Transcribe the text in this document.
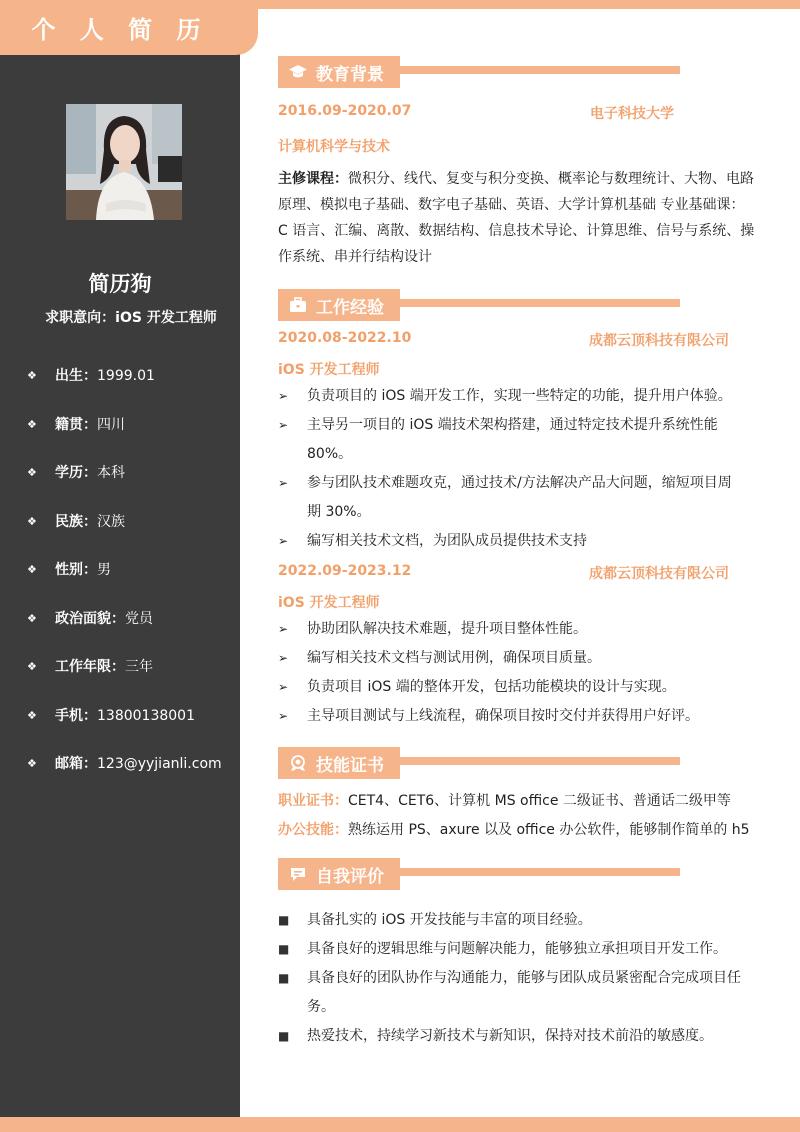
个 人 简 历
简历狗
求职意向：iOS 开发工程师
❖	出生： 1999.01
❖	籍贯： 四川
❖	学历： 本科
❖	民族： 汉族
❖	性别： 男
❖	政治面貌： 党员
❖	工作年限： 三年
❖	手机： 13800138001
❖	邮箱： 123@yyjianli.com
教育背景
2016.09-2020.07	电子科技大学
计算机科学与技术
主修课程：微积分、线代、复变与积分变换、概率论与数理统计、大物、电路
原理、模拟电子基础、数字电子基础、英语、大学计算机基础 专业基础课：
C 语言、汇编、离散、数据结构、信息技术导论、计算思维、信号与系统、操
作系统、串并行结构设计
工作经验
2020.08-2022.10	成都云顶科技有限公司
iOS 开发工程师
➢	负责项目的 iOS 端开发工作，实现一些特定的功能，提升用户体验。
➢	主导另一项目的 iOS 端技术架构搭建，通过特定技术提升系统性能
80%。
➢	参与团队技术难题攻克，通过技术/方法解决产品大问题，缩短项目周
期 30%。
➢	编写相关技术文档，为团队成员提供技术支持
2022.09-2023.12	成都云顶科技有限公司
iOS 开发工程师
➢	协助团队解决技术难题，提升项目整体性能。
➢	编写相关技术文档与测试用例，确保项目质量。
➢	负责项目 iOS 端的整体开发，包括功能模块的设计与实现。
➢	主导项目测试与上线流程，确保项目按时交付并获得用户好评。
技能证书
职业证书：CET4、CET6、计算机 MS office 二级证书、普通话二级甲等
办公技能：熟练运用 PS、axure 以及 office 办公软件，能够制作简单的 h5
自我评价
■	具备扎实的 iOS 开发技能与丰富的项目经验。
■	具备良好的逻辑思维与问题解决能力，能够独立承担项目开发工作。
■	具备良好的团队协作与沟通能力，能够与团队成员紧密配合完成项目任
务。
■	热爱技术，持续学习新技术与新知识，保持对技术前沿的敏感度。
